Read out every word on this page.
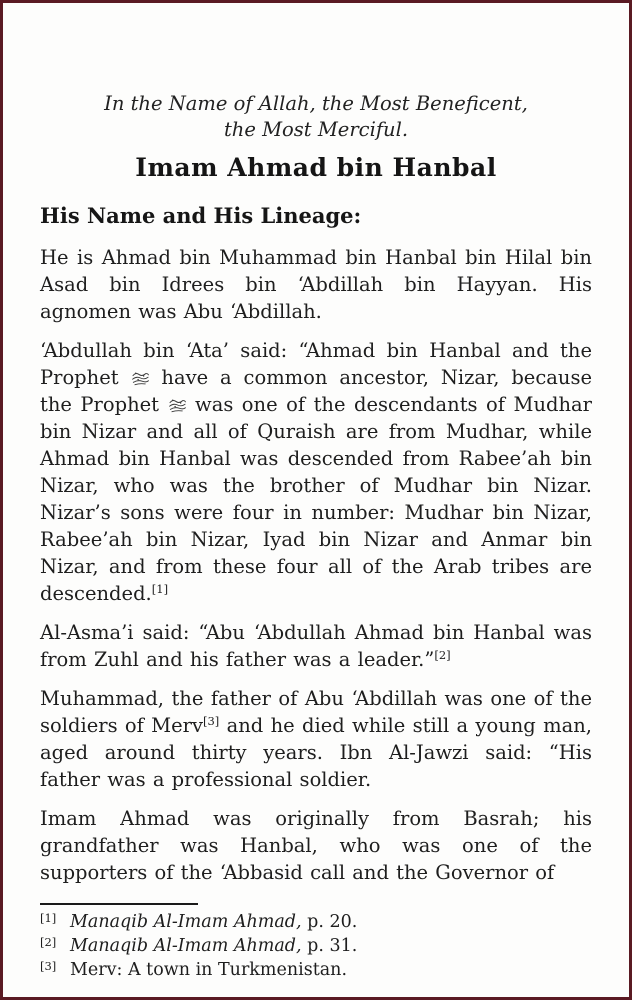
In the Name of Allah, the Most Beneficent,
the Most Merciful.
Imam Ahmad bin Hanbal
His Name and His Lineage:

He is Ahmad bin Muhammad bin Hanbal bin Hilal bin Asad bin Idrees bin ‘Abdillah bin Hayyan. His agnomen was Abu ‘Abdillah.

‘Abdullah bin ‘Ata’ said: “Ahmad bin Hanbal and the Prophet
have a common ancestor, Nizar, because the Prophet
was one of the descendants of Mudhar bin Nizar and all of Quraish are from Mudhar, while Ahmad bin Hanbal was descended from Rabee’ah bin Nizar, who was the brother of Mudhar bin Nizar. Nizar’s sons were four in number: Mudhar bin Nizar, Rabee’ah bin Nizar, Iyad bin Nizar and Anmar bin Nizar, and from these four all of the Arab tribes are descended.[1]

Al-Asma’i said: “Abu ‘Abdullah Ahmad bin Hanbal was from Zuhl and his father was a leader.”[2]

Muhammad, the father of Abu ‘Abdillah was one of the soldiers of Merv[3] and he died while still a young man, aged around thirty years. Ibn Al-Jawzi said: “His father was a professional soldier.

Imam Ahmad was originally from Basrah; his grandfather was Hanbal, who was one of the supporters of the ‘Abbasid call and the Governor of

[1] Manaqib Al-Imam Ahmad, p. 20.
[2] Manaqib Al-Imam Ahmad, p. 31.
[3] Merv: A town in Turkmenistan.
